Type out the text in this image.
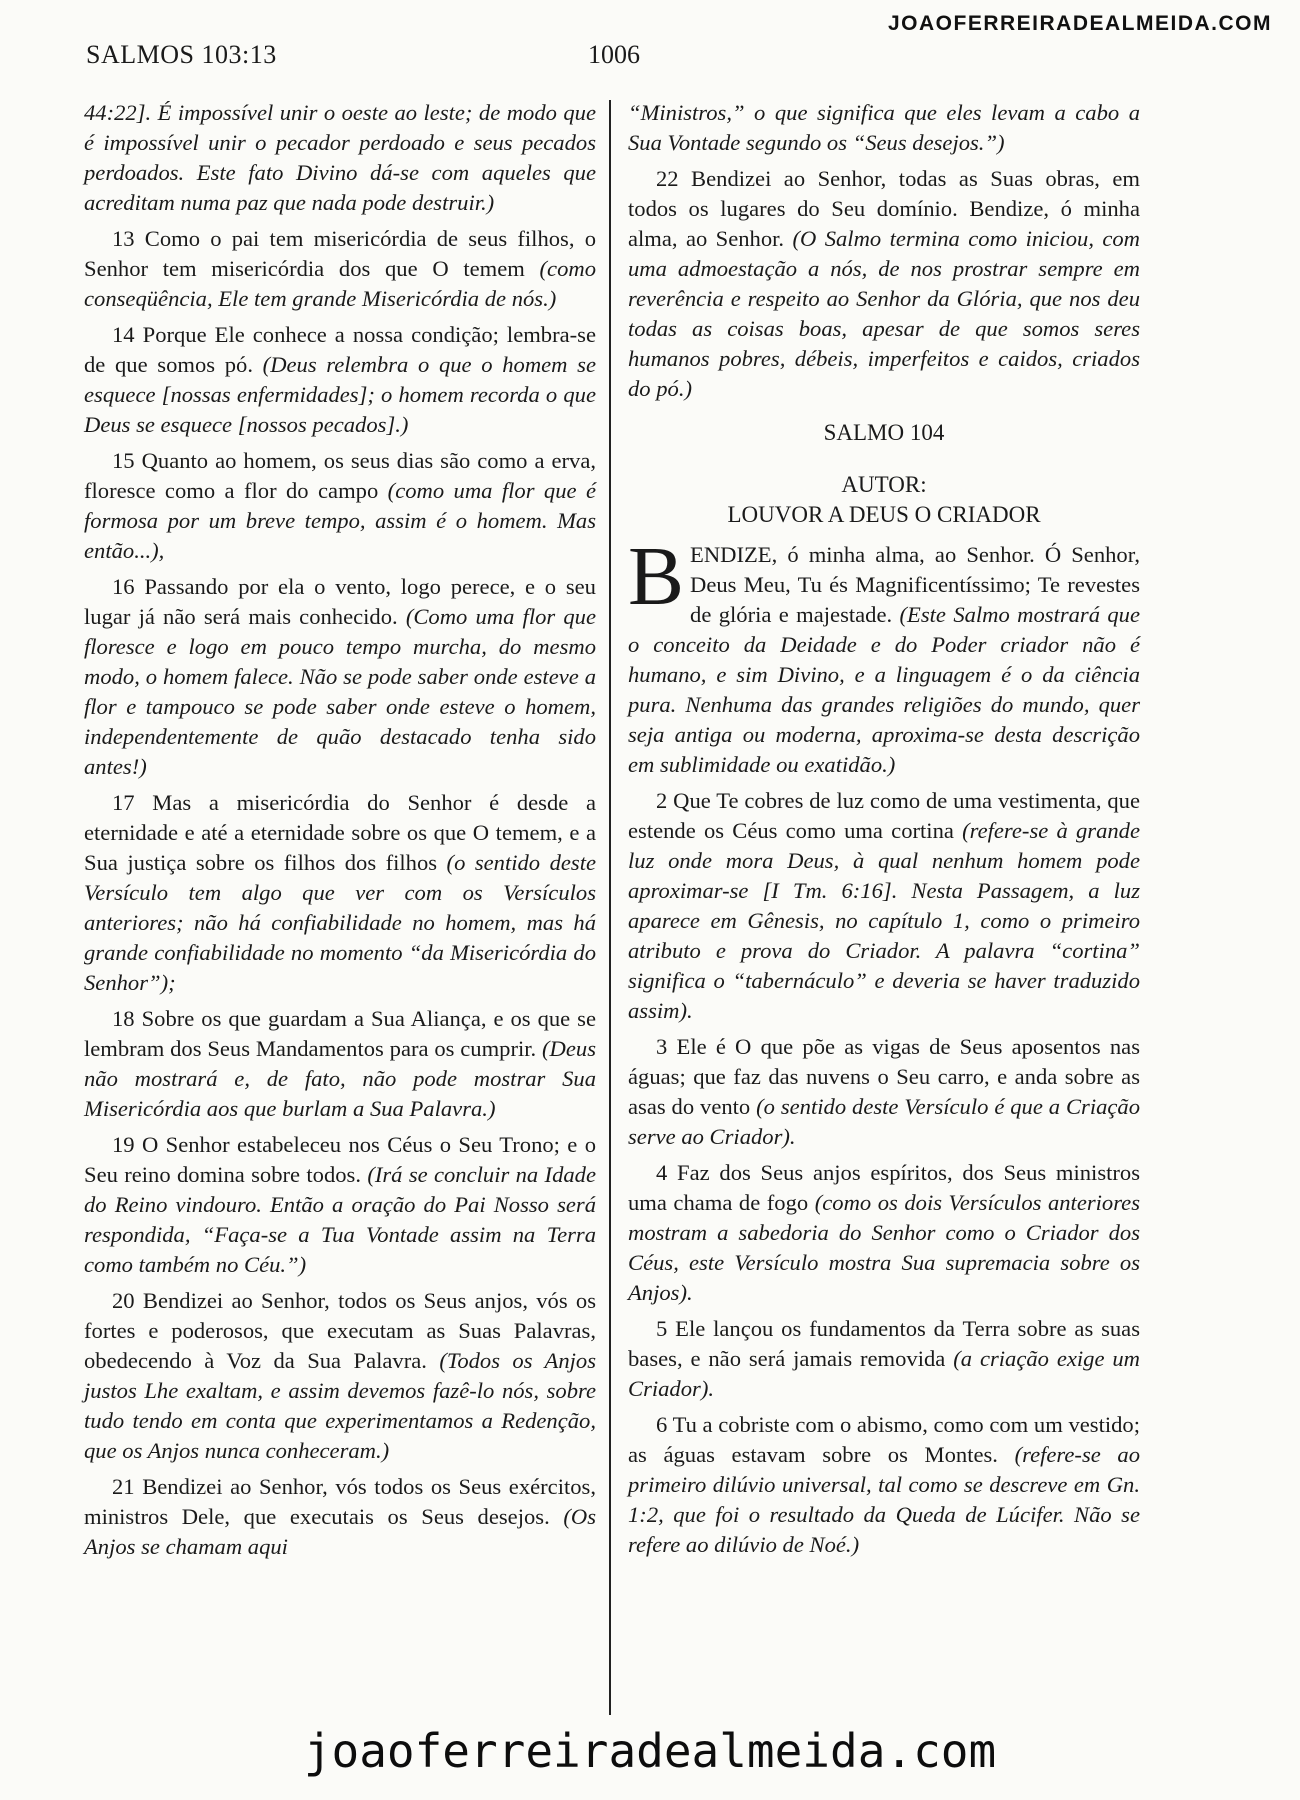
JOAOFERREIRADEALMEIDA.COM
SALMOS 103:13	1006

44:22]. É impossível unir o oeste ao leste; de modo que é impossível unir o pecador perdoado e seus pecados perdoados. Este fato Divino dá-se com aqueles que acreditam numa paz que nada pode destruir.)

13 Como o pai tem misericórdia de seus filhos, o Senhor tem misericórdia dos que O temem (como conseqüência, Ele tem grande Misericórdia de nós.)

14 Porque Ele conhece a nossa condição; lembra-se de que somos pó. (Deus relembra o que o homem se esquece [nossas enfermidades]; o homem recorda o que Deus se esquece [nossos pecados].)

15 Quanto ao homem, os seus dias são como a erva, floresce como a flor do campo (como uma flor que é formosa por um breve tempo, assim é o homem. Mas então...),

16 Passando por ela o vento, logo perece, e o seu lugar já não será mais conhecido. (Como uma flor que floresce e logo em pouco tempo murcha, do mesmo modo, o homem falece. Não se pode saber onde esteve a flor e tampouco se pode saber onde esteve o homem, independentemente de quão destacado tenha sido antes!)

17 Mas a misericórdia do Senhor é desde a eternidade e até a eternidade sobre os que O temem, e a Sua justiça sobre os filhos dos filhos (o sentido deste Versículo tem algo que ver com os Versículos anteriores; não há confiabilidade no homem, mas há grande confiabilidade no momento “da Misericórdia do Senhor”);

18 Sobre os que guardam a Sua Aliança, e os que se lembram dos Seus Mandamentos para os cumprir. (Deus não mostrará e, de fato, não pode mostrar Sua Misericórdia aos que burlam a Sua Palavra.)

19 O Senhor estabeleceu nos Céus o Seu Trono; e o Seu reino domina sobre todos. (Irá se concluir na Idade do Reino vindouro. Então a oração do Pai Nosso será respondida, “Faça-se a Tua Vontade assim na Terra como também no Céu.”)

20 Bendizei ao Senhor, todos os Seus anjos, vós os fortes e poderosos, que executam as Suas Palavras, obedecendo à Voz da Sua Palavra. (Todos os Anjos justos Lhe exaltam, e assim devemos fazê-lo nós, sobre tudo tendo em conta que experimentamos a Redenção, que os Anjos nunca conheceram.)

21 Bendizei ao Senhor, vós todos os Seus exércitos, ministros Dele, que executais os Seus desejos. (Os Anjos se chamam aqui

“Ministros,” o que significa que eles levam a cabo a Sua Vontade segundo os “Seus desejos.”)

22 Bendizei ao Senhor, todas as Suas obras, em todos os lugares do Seu domínio. Bendize, ó minha alma, ao Senhor. (O Salmo termina como iniciou, com uma admoestação a nós, de nos prostrar sempre em reverência e respeito ao Senhor da Glória, que nos deu todas as coisas boas, apesar de que somos seres humanos pobres, débeis, imperfeitos e caidos, criados do pó.)

SALMO 104
AUTOR:
LOUVOR A DEUS O CRIADOR

BENDIZE, ó minha alma, ao Senhor. Ó Senhor, Deus Meu, Tu és Magnificentíssimo; Te revestes de glória e majestade. (Este Salmo mostrará que o conceito da Deidade e do Poder criador não é humano, e sim Divino, e a linguagem é o da ciência pura. Nenhuma das grandes religiões do mundo, quer seja antiga ou moderna, aproxima-se desta descrição em sublimidade ou exatidão.)

2 Que Te cobres de luz como de uma vestimenta, que estende os Céus como uma cortina (refere-se à grande luz onde mora Deus, à qual nenhum homem pode aproximar-se [I Tm. 6:16]. Nesta Passagem, a luz aparece em Gênesis, no capítulo 1, como o primeiro atributo e prova do Criador. A palavra “cortina” significa o “tabernáculo” e deveria se haver traduzido assim).

3 Ele é O que põe as vigas de Seus aposentos nas águas; que faz das nuvens o Seu carro, e anda sobre as asas do vento (o sentido deste Versículo é que a Criação serve ao Criador).

4 Faz dos Seus anjos espíritos, dos Seus ministros uma chama de fogo (como os dois Versículos anteriores mostram a sabedoria do Senhor como o Criador dos Céus, este Versículo mostra Sua supremacia sobre os Anjos).

5 Ele lançou os fundamentos da Terra sobre as suas bases, e não será jamais removida (a criação exige um Criador).

6 Tu a cobriste com o abismo, como com um vestido; as águas estavam sobre os Montes. (refere-se ao primeiro dilúvio universal, tal como se descreve em Gn. 1:2, que foi o resultado da Queda de Lúcifer. Não se refere ao dilúvio de Noé.)

joaoferreiradealmeida.com
